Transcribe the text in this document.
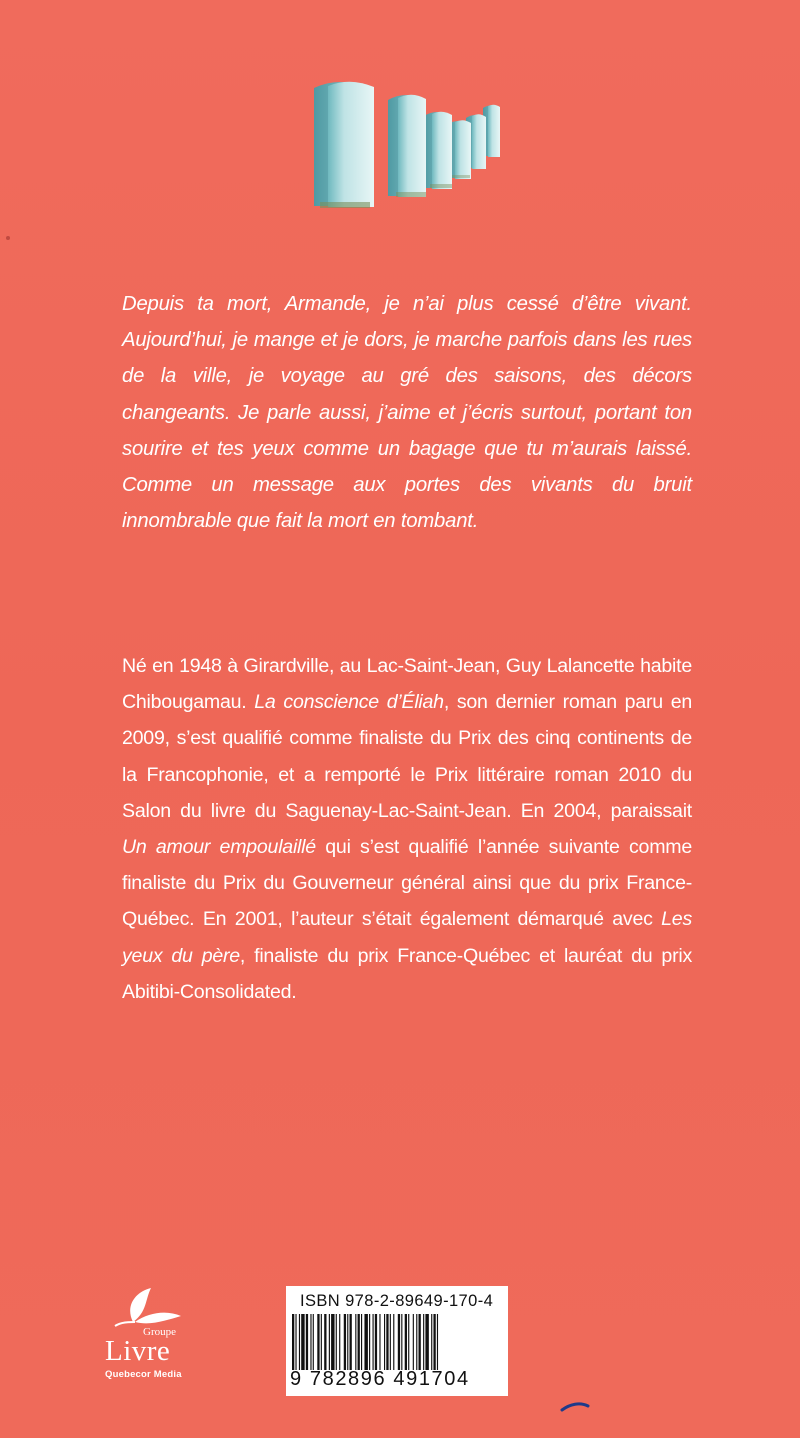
Depuis ta mort, Armande, je n’ai plus cessé d’être vivant. Aujourd’hui, je mange et je dors, je marche parfois dans les rues de la ville, je voyage au gré des saisons, des décors changeants. Je parle aussi, j’aime et j’écris surtout, portant ton sourire et tes yeux comme un bagage que tu m’aurais laissé. Comme un message aux portes des vivants du bruit innombrable que fait la mort en tombant.

Né en 1948 à Girardville, au Lac-Saint-Jean, Guy Lalancette habite Chibougamau. La conscience d’Éliah, son dernier roman paru en 2009, s’est qualifié comme finaliste du Prix des cinq continents de la Francophonie, et a remporté le Prix littéraire roman 2010 du Salon du livre du Saguenay-Lac-Saint-Jean. En 2004, paraissait Un amour empoulaillé qui s’est qualifié l’année suivante comme finaliste du Prix du Gouverneur général ainsi que du prix France-Québec. En 2001, l’auteur s’était également démarqué avec Les yeux du père, finaliste du prix France-Québec et lauréat du prix Abitibi-Consolidated.

Groupe
Livre
Quebecor Media
ISBN 978-2-89649-170-4
9 782896 491704
